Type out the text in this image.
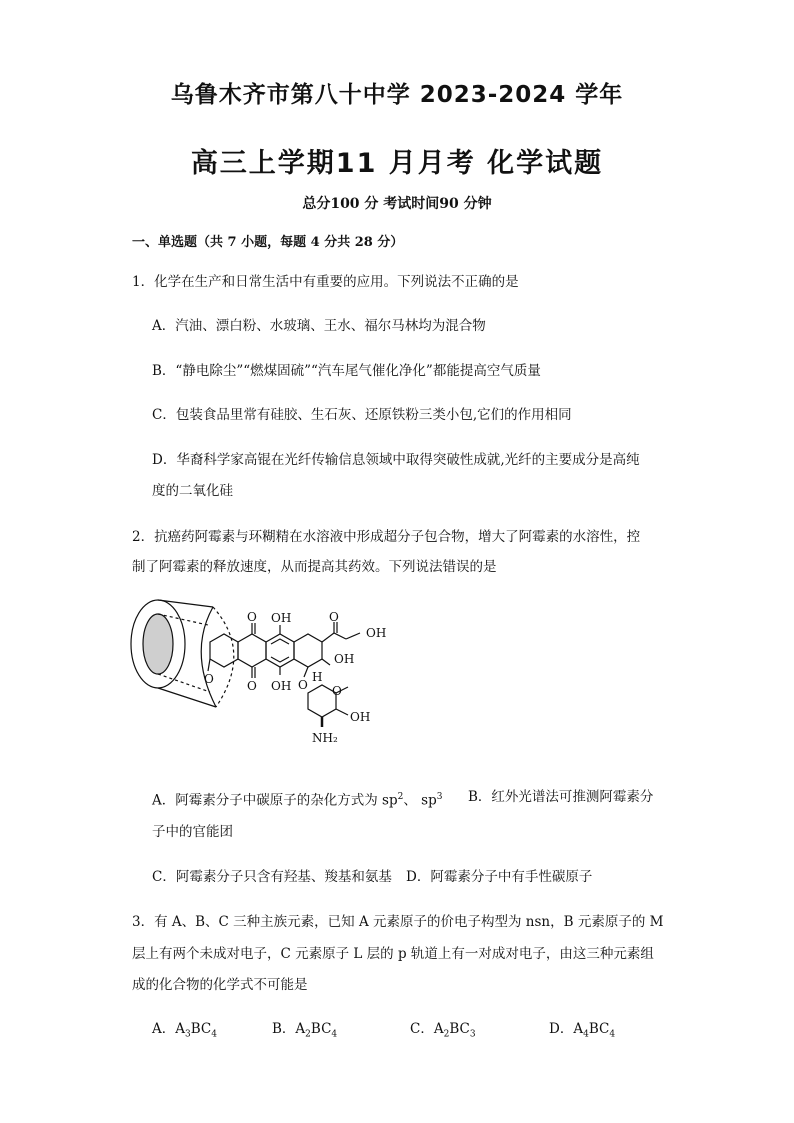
乌鲁木齐市第八十中学 2023-2024 学年
高三上学期11 月月考 化学试题
总分100 分 考试时间90 分钟
一、单选题（共 7 小题，每题 4 分共 28 分）
1．化学在生产和日常生活中有重要的应用。下列说法不正确的是
A．汽油、漂白粉、水玻璃、王水、福尔马林均为混合物
B．“静电除尘”“燃煤固硫”“汽车尾气催化净化”都能提高空气质量
C．包装食品里常有硅胶、生石灰、还原铁粉三类小包,它们的作用相同
D．华裔科学家高锟在光纤传输信息领域中取得突破性成就,光纤的主要成分是高纯
度的二氧化硅
2．抗癌药阿霉素与环糊精在水溶液中形成超分子包合物，增大了阿霉素的水溶性，控
制了阿霉素的释放速度，从而提高其药效。下列说法错误的是
OH
OH
OH
OH
OH
O
O
O
O	O O
H
NH₂
A．阿霉素分子中碳原子的杂化方式为 $sp^2$、 $sp^3$ B．红外光谱法可推测阿霉素分
子中的官能团
C．阿霉素分子只含有羟基、羧基和氨基 D．阿霉素分子中有手性碳原子
3．有 A、B、C 三种主族元素，已知 A 元素原子的价电子构型为 nsn，B 元素原子的 M
层上有两个未成对电子，C 元素原子 L 层的 p 轨道上有一对成对电子，由这三种元素组
成的化合物的化学式不可能是
A．$A_3BC_4$	B．$A_2BC_4$	C．$A_2BC_3$	D．$A_4BC_4$
